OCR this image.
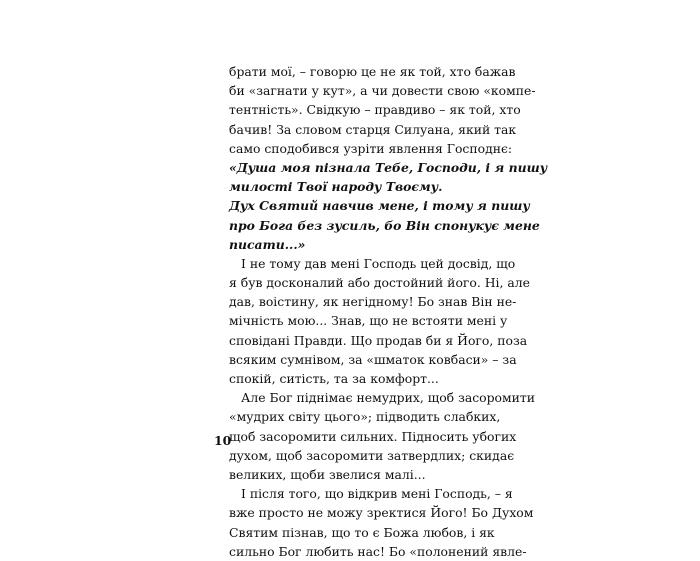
брати мої, – говорю це не як той, хто бажав
би «загнати у кут», а чи довести свою «компе-
тентність». Свідкую – правдиво – як той, хто
бачив! За словом старця Силуана, який так
само сподобився узріти явлення Господнє:
«Душа моя пізнала Тебе, Господи, і я пишу
милості Твої народу Твоєму.
Дух Святий навчив мене, і тому я пишу
про Бога без зусиль, бо Він спонукує мене
писати...»
І не тому дав мені Господь цей досвід, що
я був досконалий або достойний його. Ні, але
дав, воістину, як негідному! Бо знав Він не-
мічність мою... Знав, що не встояти мені у
сповідані Правди. Що продав би я Його, поза
всяким сумнівом, за «шматок ковбаси» – за
спокій, ситість, та за комфорт...
Але Бог піднімає немудрих, щоб засоромити
«мудрих світу цього»; підводить слабких,
щоб засоромити сильних. Підносить убогих
духом, щоб засоромити затвердлих; скидає
великих, щоби звелися малі...
І після того, що відкрив мені Господь, – я
вже просто не можу зректися Його! Бо Духом
Святим пізнав, що то є Божа любов, і як
сильно Бог любить нас! Бо «полонений явле-
10
